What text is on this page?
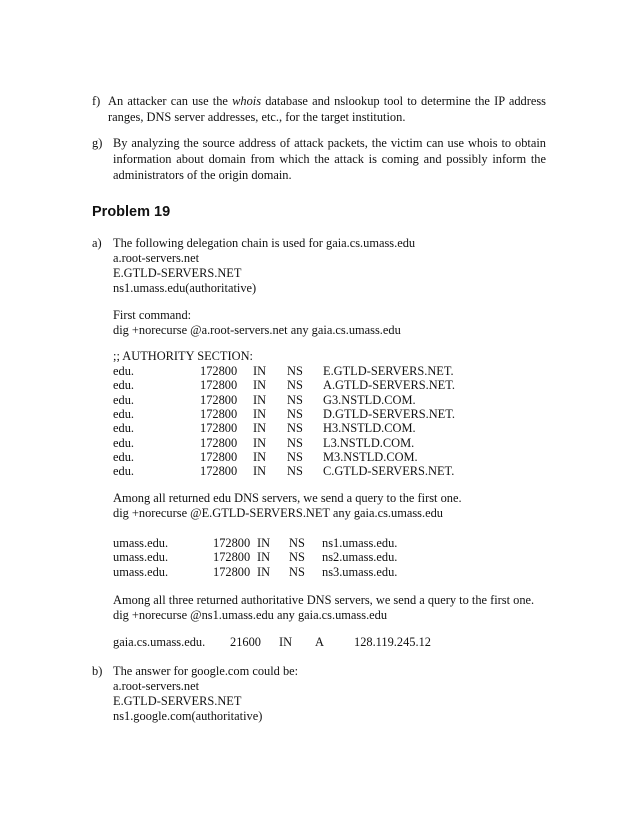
f) An attacker can use the whois database and nslookup tool to determine the IP address
ranges, DNS server addresses, etc., for the target institution.
g) By analyzing the source address of attack packets, the victim can use whois to obtain
information about domain from which the attack is coming and possibly inform the
administrators of the origin domain.
Problem 19
a) The following delegation chain is used for gaia.cs.umass.edu
a.root-servers.net
E.GTLD-SERVERS.NET
ns1.umass.edu(authoritative)
First command:
dig +norecurse @a.root-servers.net any gaia.cs.umass.edu
;; AUTHORITY SECTION:
edu.	172800 IN NS E.GTLD-SERVERS.NET.
edu.	172800 IN NS A.GTLD-SERVERS.NET.
edu.	172800 IN NS G3.NSTLD.COM.
edu.	172800 IN NS D.GTLD-SERVERS.NET.
edu.	172800 IN NS H3.NSTLD.COM.
edu.	172800 IN NS L3.NSTLD.COM.
edu.	172800 IN NS M3.NSTLD.COM.
edu.	172800 IN NS C.GTLD-SERVERS.NET.
Among all returned edu DNS servers, we send a query to the first one.
dig +norecurse @E.GTLD-SERVERS.NET any gaia.cs.umass.edu
umass.edu.	172800 IN NS ns1.umass.edu.
umass.edu.	172800 IN NS ns2.umass.edu.
umass.edu.	172800 IN NS ns3.umass.edu.
Among all three returned authoritative DNS servers, we send a query to the first one.
dig +norecurse @ns1.umass.edu any gaia.cs.umass.edu
gaia.cs.umass.edu. 21600 IN A 128.119.245.12
b) The answer for google.com could be:
a.root-servers.net
E.GTLD-SERVERS.NET
ns1.google.com(authoritative)
